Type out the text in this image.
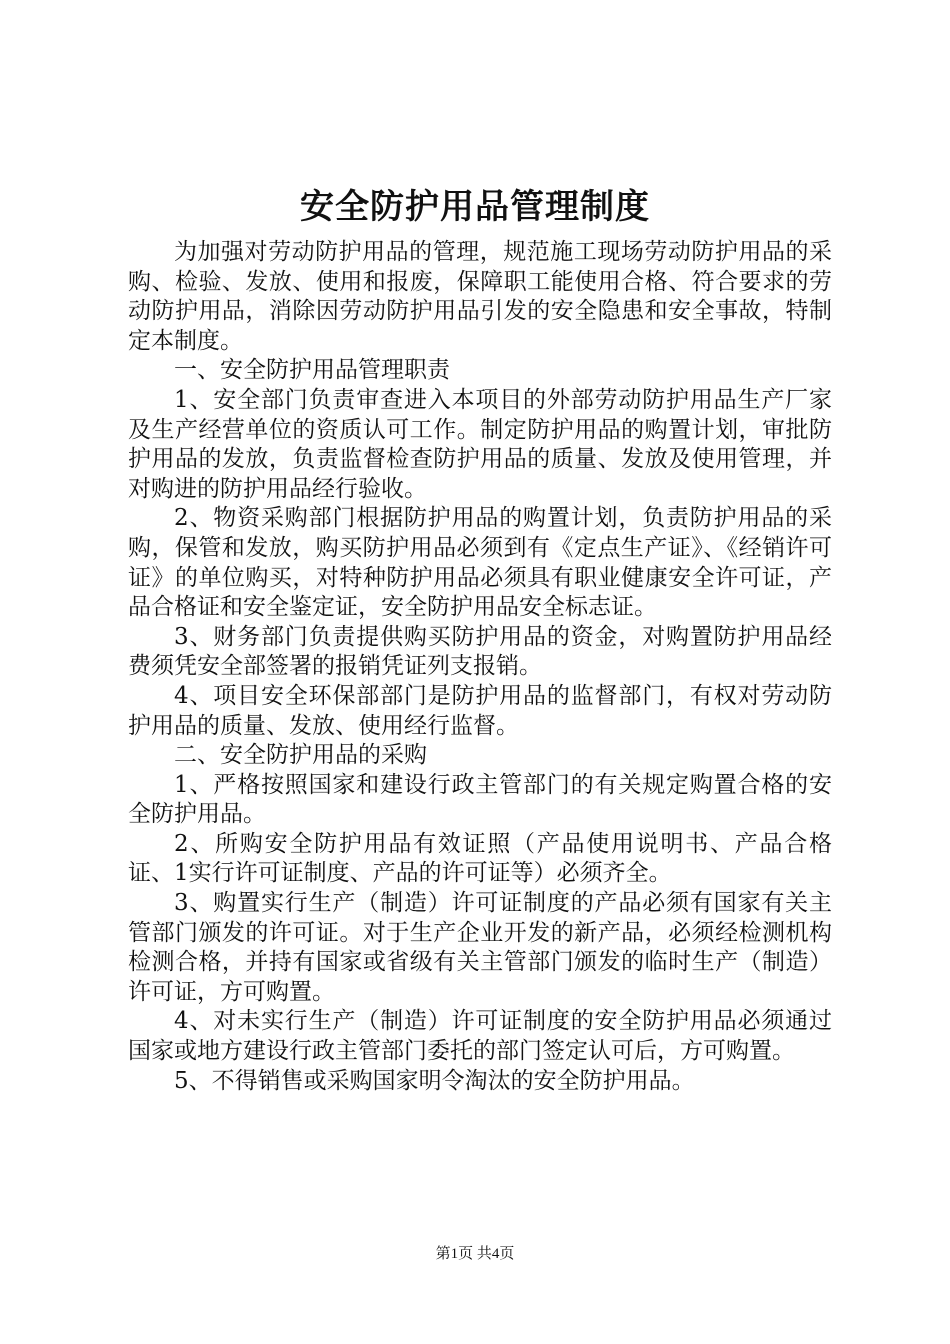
安全防护用品管理制度

为加强对劳动防护用品的管理，规范施工现场劳动防护用品的采购、检验、发放、使用和报废，保障职工能使用合格、符合要求的劳动防护用品，消除因劳动防护用品引发的安全隐患和安全事故，特制定本制度。

一、安全防护用品管理职责

1、安全部门负责审查进入本项目的外部劳动防护用品生产厂家及生产经营单位的资质认可工作。制定防护用品的购置计划，审批防护用品的发放，负责监督检查防护用品的质量、发放及使用管理，并对购进的防护用品经行验收。

2、物资采购部门根据防护用品的购置计划，负责防护用品的采购，保管和发放，购买防护用品必须到有《定点生产证》、《经销许可证》的单位购买，对特种防护用品必须具有职业健康安全许可证，产品合格证和安全鉴定证，安全防护用品安全标志证。

3、财务部门负责提供购买防护用品的资金，对购置防护用品经费须凭安全部签署的报销凭证列支报销。

4、项目安全环保部部门是防护用品的监督部门，有权对劳动防护用品的质量、发放、使用经行监督。

二、安全防护用品的采购

1、严格按照国家和建设行政主管部门的有关规定购置合格的安全防护用品。

2、所购安全防护用品有效证照（产品使用说明书、产品合格证、1实行许可证制度、产品的许可证等）必须齐全。

3、购置实行生产（制造）许可证制度的产品必须有国家有关主管部门颁发的许可证。对于生产企业开发的新产品，必须经检测机构检测合格，并持有国家或省级有关主管部门颁发的临时生产（制造）许可证，方可购置。

4、对未实行生产（制造）许可证制度的安全防护用品必须通过国家或地方建设行政主管部门委托的部门签定认可后，方可购置。

5、不得销售或采购国家明令淘汰的安全防护用品。

第1页 共4页
